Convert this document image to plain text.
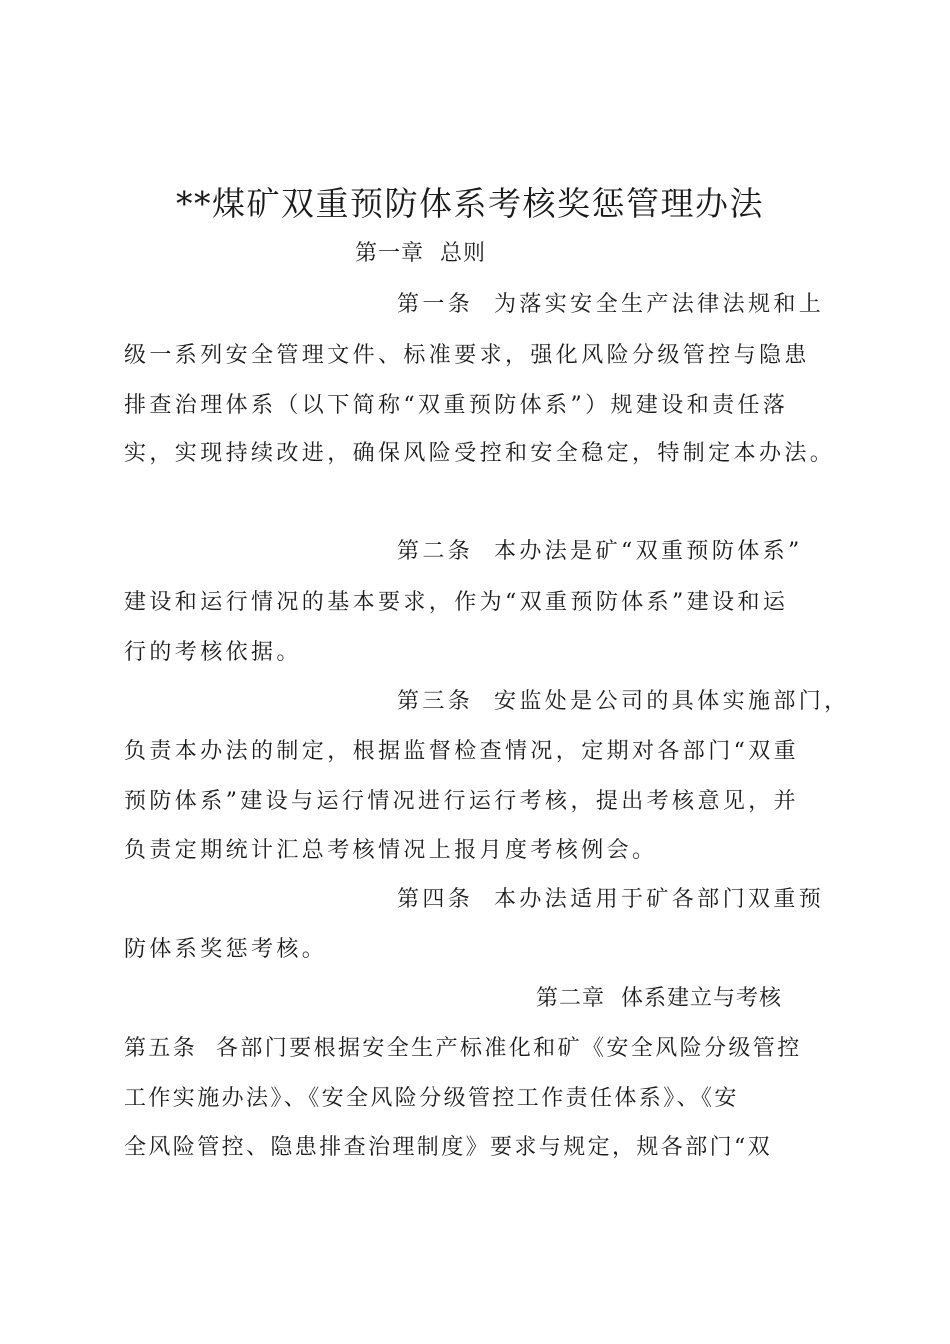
**煤矿双重预防体系考核奖惩管理办法
第一章  总则
第一条  为落实安全生产法律法规和上
级一系列安全管理文件、标准要求，强化风险分级管控与隐患
排查治理体系（以下简称“双重预防体系”）规建设和责任落
实，实现持续改进，确保风险受控和安全稳定，特制定本办法。
第二条  本办法是矿“双重预防体系”
建设和运行情况的基本要求，作为“双重预防体系”建设和运
行的考核依据。
第三条  安监处是公司的具体实施部门，
负责本办法的制定，根据监督检查情况，定期对各部门“双重
预防体系”建设与运行情况进行运行考核，提出考核意见，并
负责定期统计汇总考核情况上报月度考核例会。
第四条  本办法适用于矿各部门双重预
防体系奖惩考核。
第二章  体系建立与考核
第五条  各部门要根据安全生产标准化和矿《安全风险分级管控
工作实施办法》、《安全风险分级管控工作责任体系》、《安
全风险管控、隐患排查治理制度》要求与规定，规各部门“双
